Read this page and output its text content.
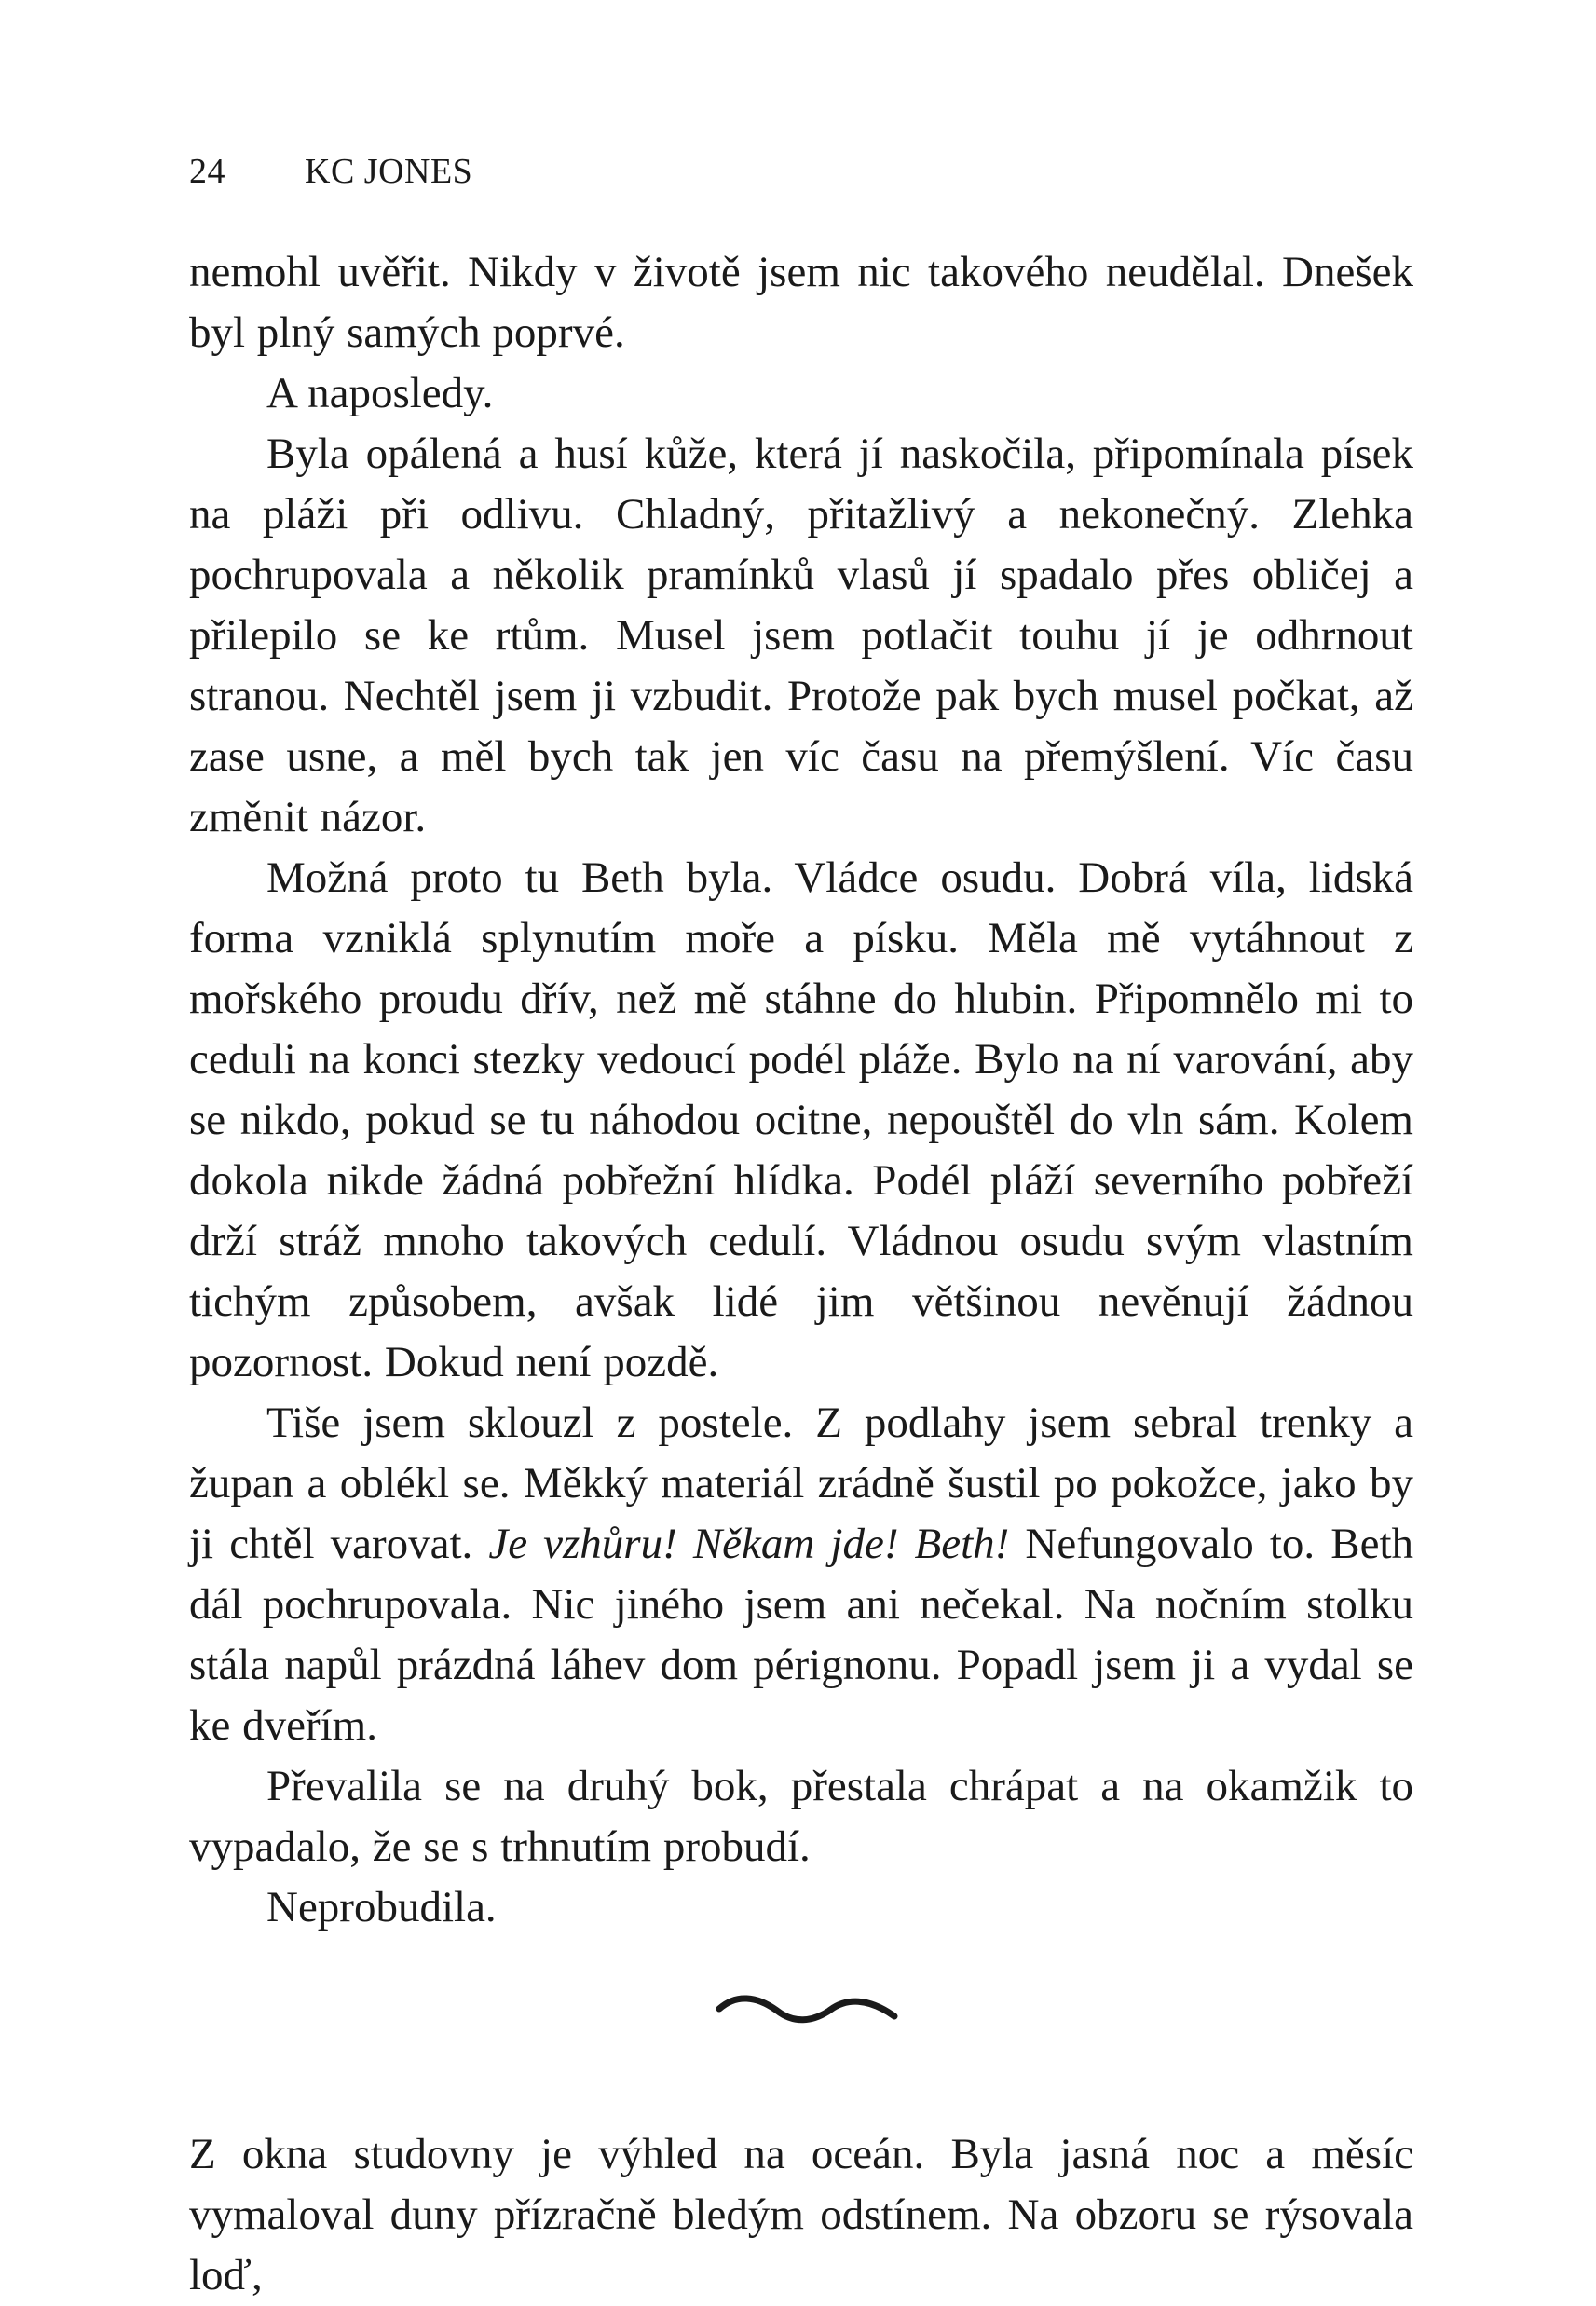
24 KC JONES

nemohl uvěřit. Nikdy v životě jsem nic takového neudělal. Dnešek byl plný samých poprvé.

A naposledy.

Byla opálená a husí kůže, která jí naskočila, připomínala písek na pláži při odlivu. Chladný, přitažlivý a nekonečný. Zlehka pochrupovala a několik pramínků vlasů jí spadalo přes obličej a přilepilo se ke rtům. Musel jsem potlačit touhu jí je odhrnout stranou. Nechtěl jsem ji vzbudit. Protože pak bych musel počkat, až zase usne, a měl bych tak jen víc času na přemýšlení. Víc času změnit názor.

Možná proto tu Beth byla. Vládce osudu. Dobrá víla, lidská forma vzniklá splynutím moře a písku. Měla mě vytáhnout z mořského proudu dřív, než mě stáhne do hlubin. Připomnělo mi to ceduli na konci stezky vedoucí podél pláže. Bylo na ní varování, aby se nikdo, pokud se tu náhodou ocitne, nepouštěl do vln sám. Kolem dokola nikde žádná pobřežní hlídka. Podél pláží severního pobřeží drží stráž mnoho takových cedulí. Vládnou osudu svým vlastním tichým způsobem, avšak lidé jim většinou nevěnují žádnou pozornost. Dokud není pozdě.

Tiše jsem sklouzl z postele. Z podlahy jsem sebral trenky a župan a oblékl se. Měkký materiál zrádně šustil po pokožce, jako by ji chtěl varovat. Je vzhůru! Někam jde! Beth! Nefungovalo to. Beth dál pochrupovala. Nic jiného jsem ani nečekal. Na nočním stolku stála napůl prázdná láhev dom pérignonu. Popadl jsem ji a vydal se ke dveřím.

Převalila se na druhý bok, přestala chrápat a na okamžik to vypadalo, že se s trhnutím probudí.

Neprobudila.

Z okna studovny je výhled na oceán. Byla jasná noc a měsíc vymaloval duny přízračně bledým odstínem. Na obzoru se rýsovala loď,
